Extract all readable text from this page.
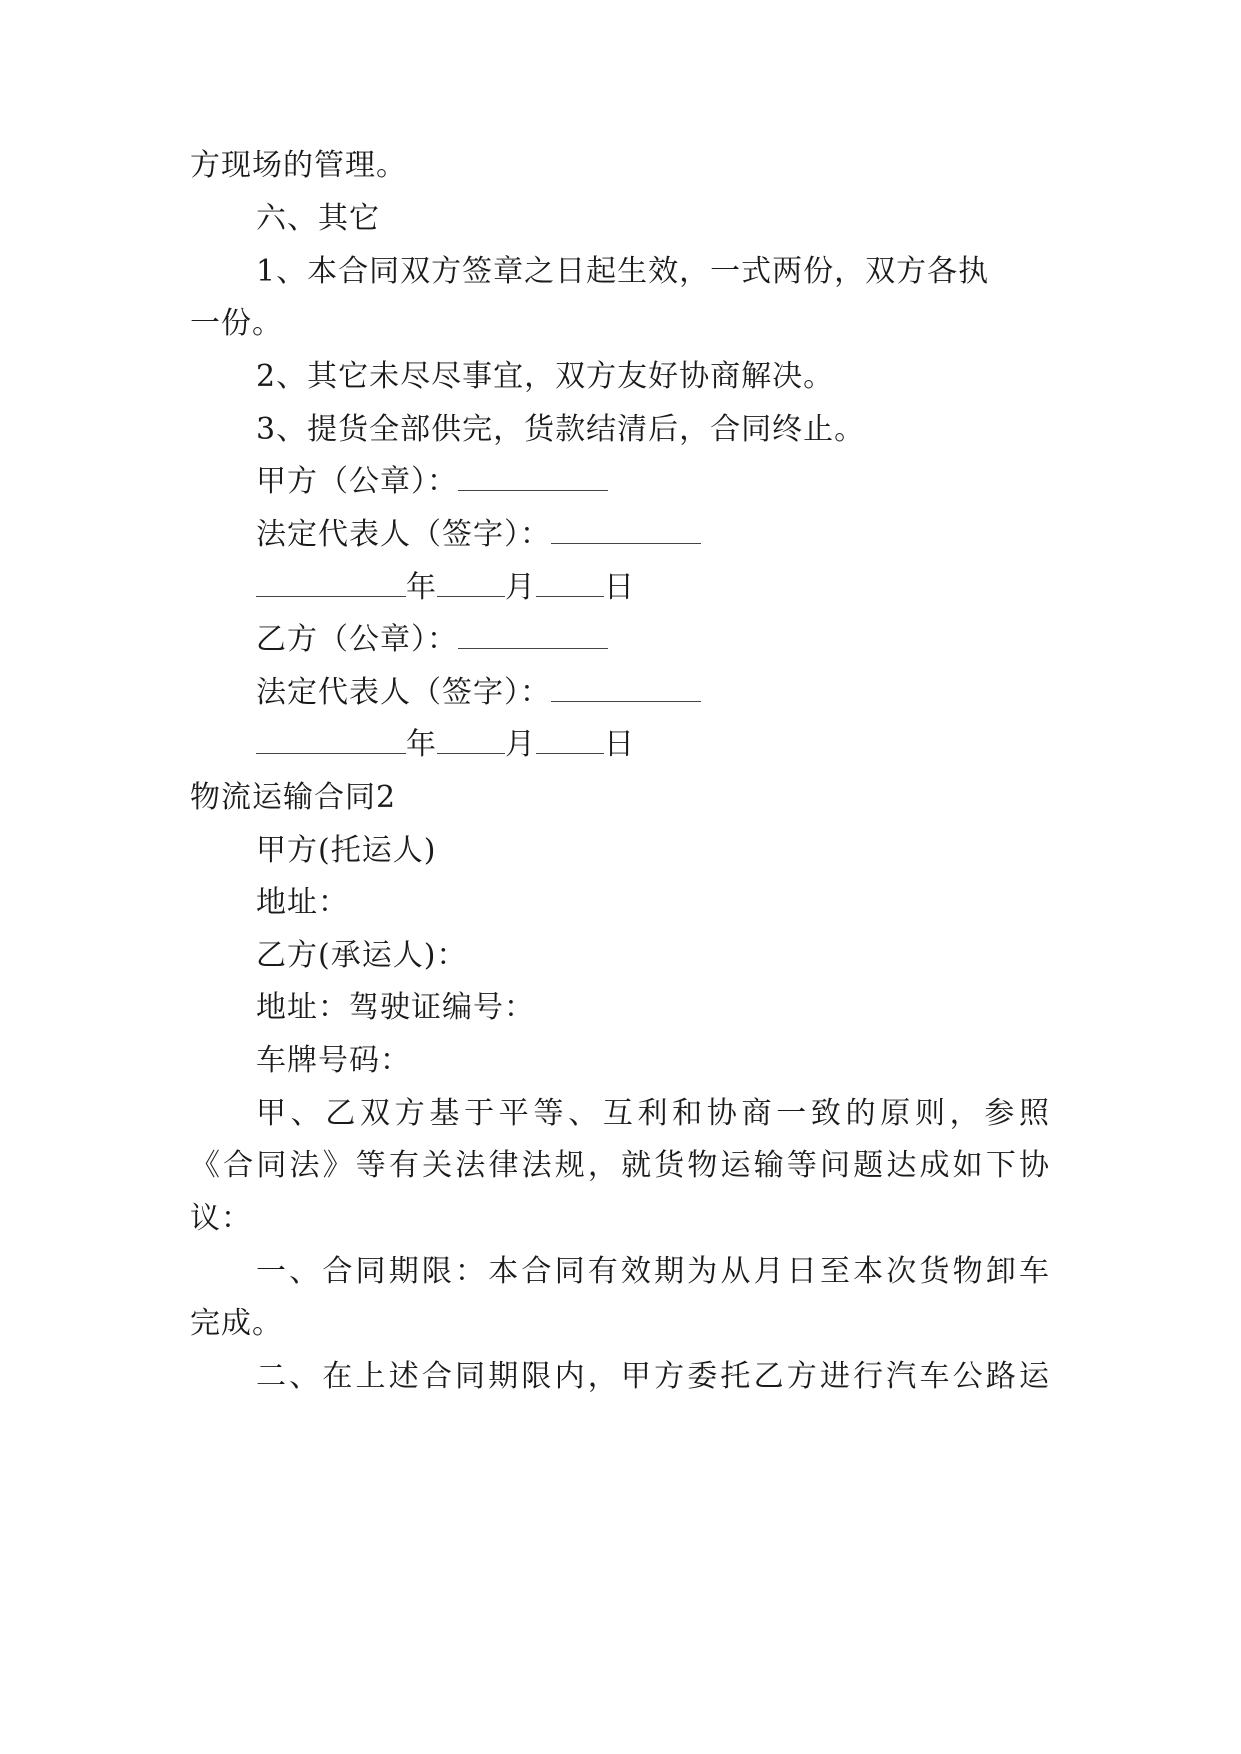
方现场的管理。
六、其它
1、本合同双方签章之日起生效，一式两份，双方各执
一份。
2、其它未尽尽事宜，双方友好协商解决。
3、提货全部供完，货款结清后，合同终止。
甲方（公章）：
法定代表人（签字）：
年 月 日
乙方（公章）：
法定代表人（签字）：
年 月 日
物流运输合同2
甲方(托运人)
地址：
乙方(承运人)：
地址：驾驶证编号：
车牌号码：
甲、乙双方基于平等、互利和协商一致的原则，参照
《合同法》等有关法律法规，就货物运输等问题达成如下协
议：
一、合同期限：本合同有效期为从月日至本次货物卸车
完成。
二、在上述合同期限内，甲方委托乙方进行汽车公路运
